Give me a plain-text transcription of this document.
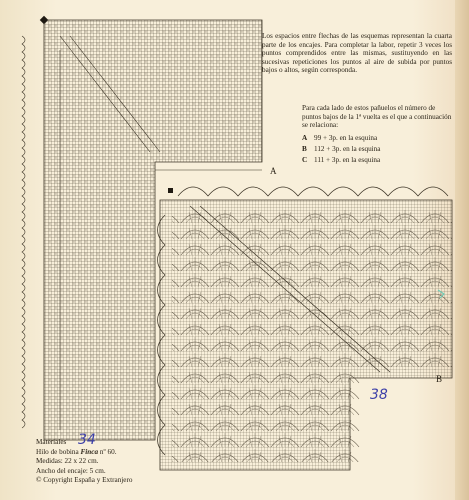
Los espacios entre flechas de las esquemas representan la cuarta parte de los encajes. Para completar la labor, repetir 3 veces los puntos comprendidos entre las mismas, sustituyendo en las sucesivas repeticiones los puntos al aire de subida por puntos bajos o altos, según corresponda.
Para cada lado de estos pañuelos el número de puntos bajos de la 1ª vuelta es el que a continuación se relaciona:
A 99 + 3p. en la esquina
B 112 + 3p. en la esquina
C 111 + 3p. en la esquina
A
B
34
38
Materiales
Hilo de bobina Finca nº 60.
Medidas: 22 x 22 cm.
Ancho del encaje: 5 cm.
© Copyright España y Extranjero
